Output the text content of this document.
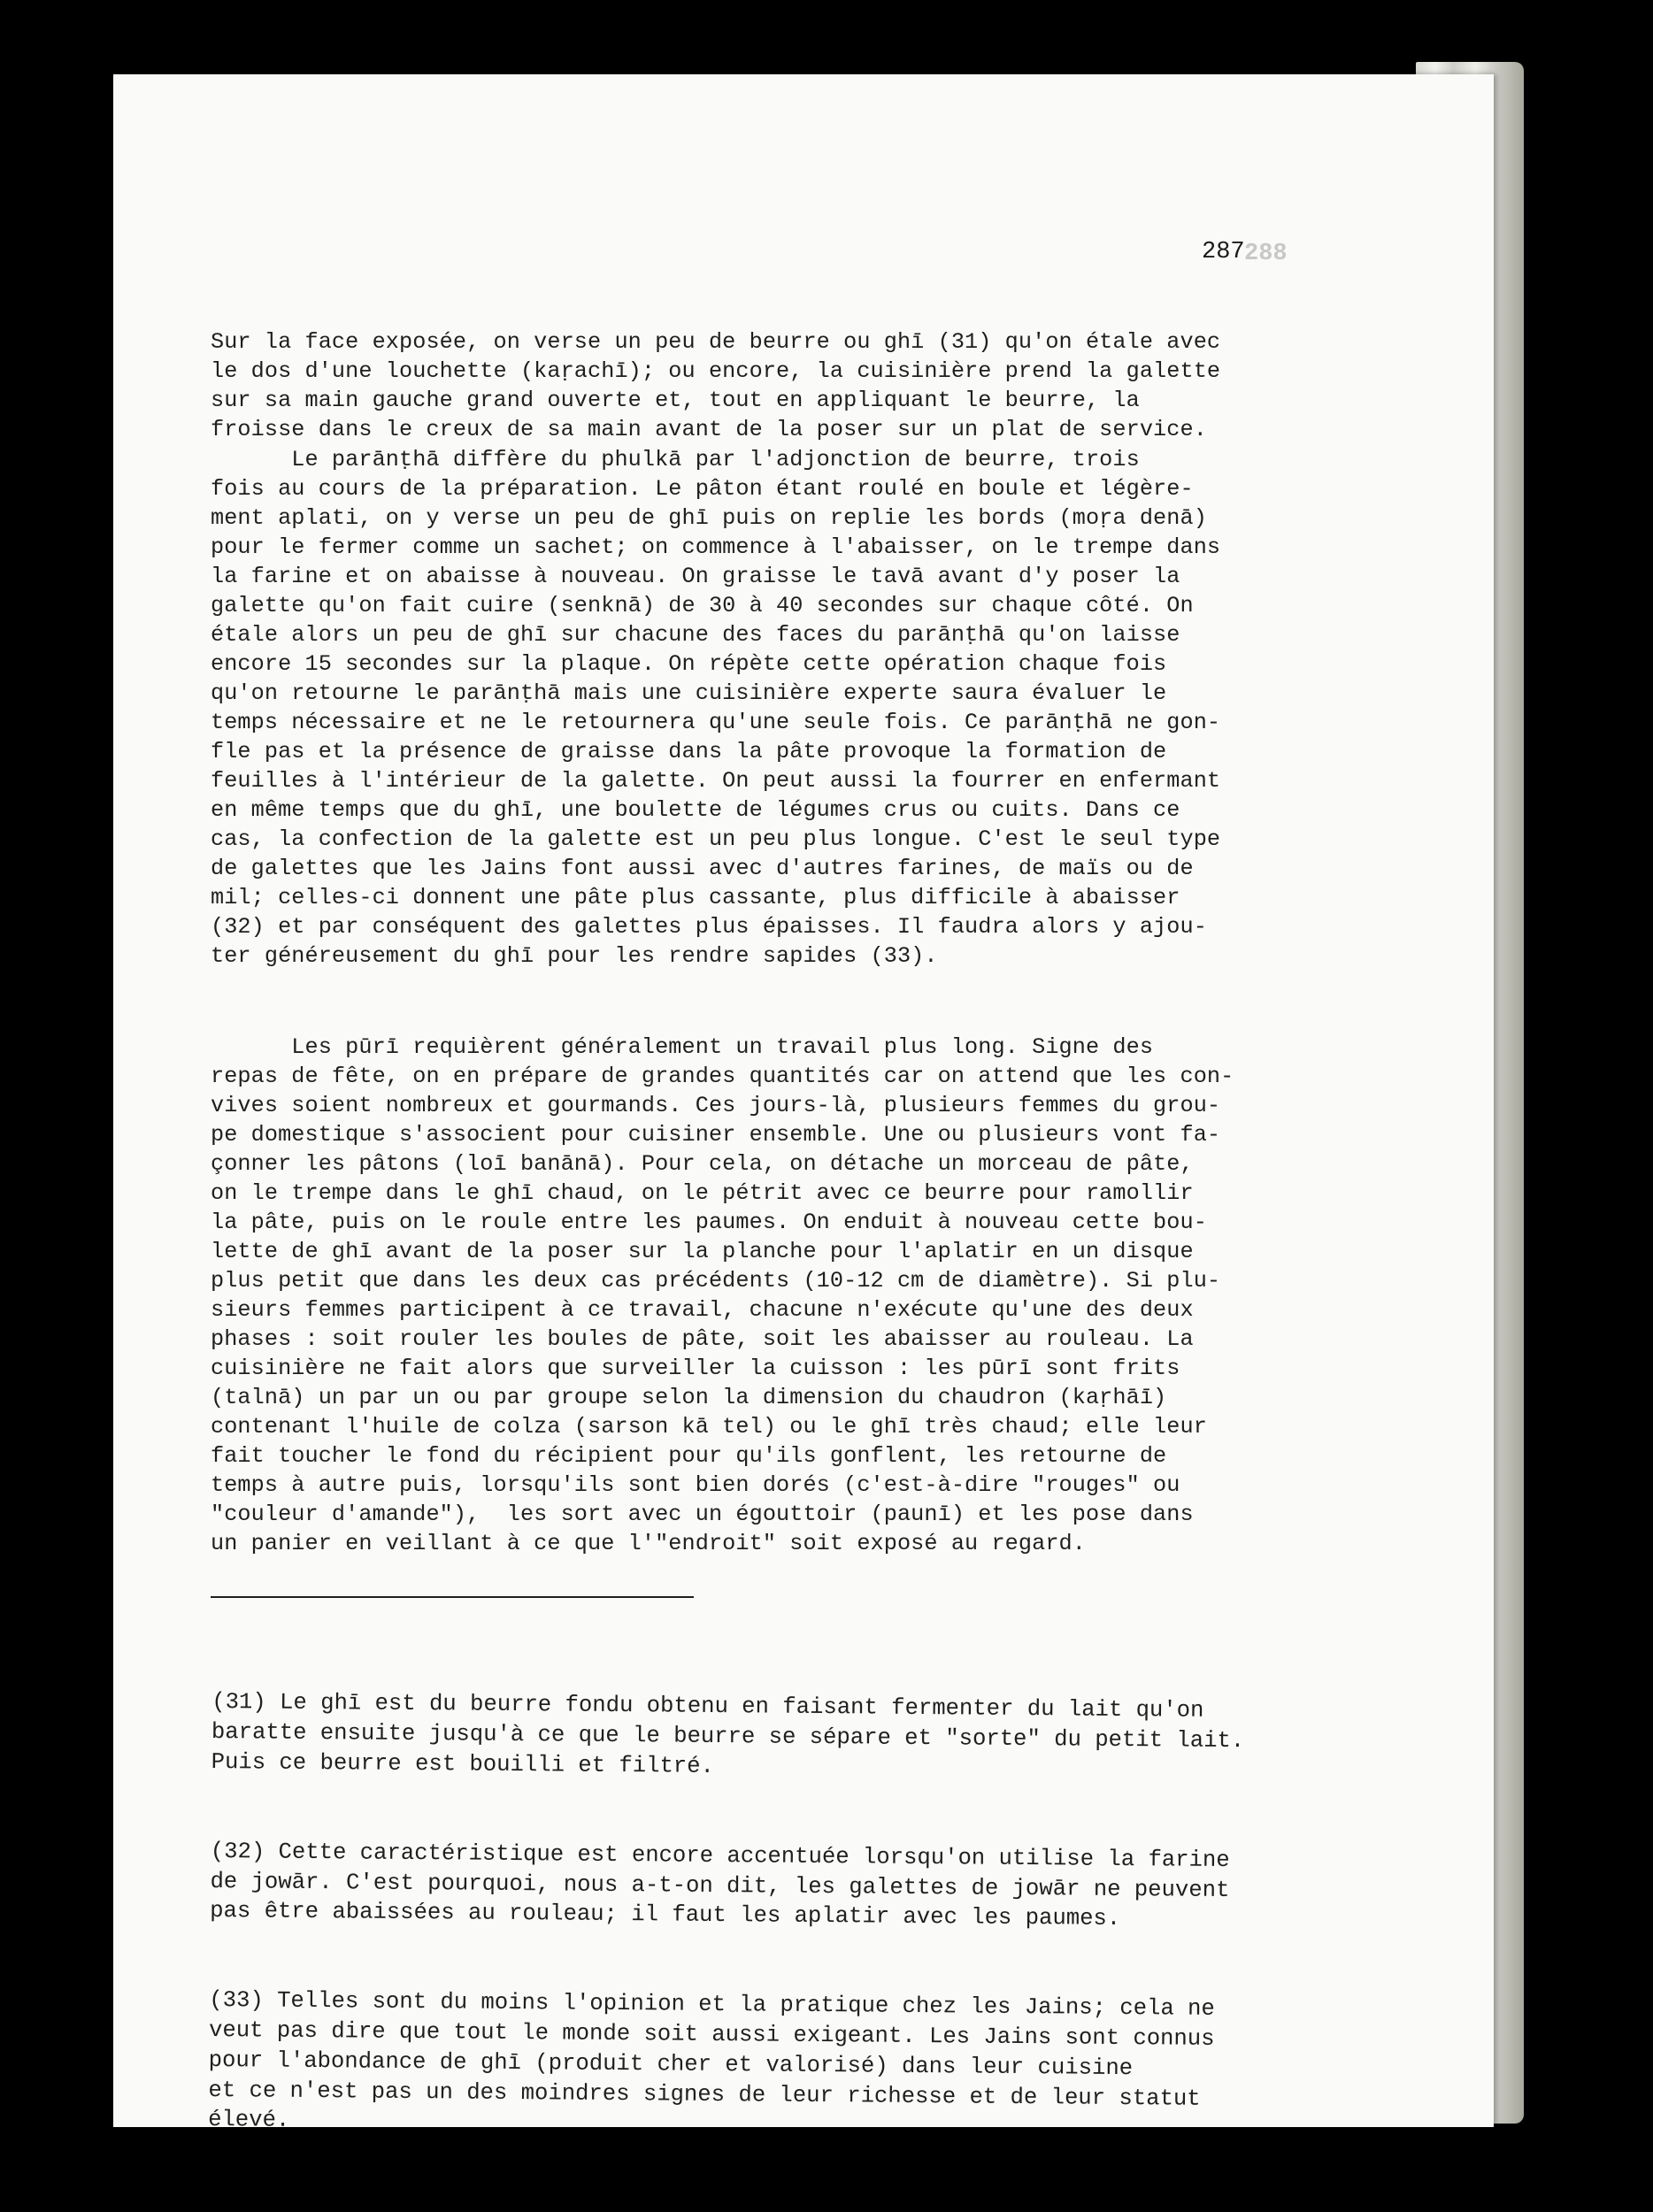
288
287

Sur la face exposée, on verse un peu de beurre ou ghī (31) qu'on étale avec
le dos d'une louchette (kaṛachī); ou encore, la cuisinière prend la galette
sur sa main gauche grand ouverte et, tout en appliquant le beurre, la
froisse dans le creux de sa main avant de la poser sur un plat de service.

Le parānṭhā diffère du phulkā par l'adjonction de beurre, trois
fois au cours de la préparation. Le pâton étant roulé en boule et légère-
ment aplati, on y verse un peu de ghī puis on replie les bords (moṛa denā)
pour le fermer comme un sachet; on commence à l'abaisser, on le trempe dans
la farine et on abaisse à nouveau. On graisse le tavā avant d'y poser la
galette qu'on fait cuire (senknā) de 30 à 40 secondes sur chaque côté. On
étale alors un peu de ghī sur chacune des faces du parānṭhā qu'on laisse
encore 15 secondes sur la plaque. On répète cette opération chaque fois
qu'on retourne le parānṭhā mais une cuisinière experte saura évaluer le
temps nécessaire et ne le retournera qu'une seule fois. Ce parānṭhā ne gon-
fle pas et la présence de graisse dans la pâte provoque la formation de
feuilles à l'intérieur de la galette. On peut aussi la fourrer en enfermant
en même temps que du ghī, une boulette de légumes crus ou cuits. Dans ce
cas, la confection de la galette est un peu plus longue. C'est le seul type
de galettes que les Jains font aussi avec d'autres farines, de maïs ou de
mil; celles-ci donnent une pâte plus cassante, plus difficile à abaisser
(32) et par conséquent des galettes plus épaisses. Il faudra alors y ajou-
ter généreusement du ghī pour les rendre sapides (33).

Les pūrī requièrent généralement un travail plus long. Signe des
repas de fête, on en prépare de grandes quantités car on attend que les con-
vives soient nombreux et gourmands. Ces jours-là, plusieurs femmes du grou-
pe domestique s'associent pour cuisiner ensemble. Une ou plusieurs vont fa-
çonner les pâtons (loī banānā). Pour cela, on détache un morceau de pâte,
on le trempe dans le ghī chaud, on le pétrit avec ce beurre pour ramollir
la pâte, puis on le roule entre les paumes. On enduit à nouveau cette bou-
lette de ghī avant de la poser sur la planche pour l'aplatir en un disque
plus petit que dans les deux cas précédents (10-12 cm de diamètre). Si plu-
sieurs femmes participent à ce travail, chacune n'exécute qu'une des deux
phases : soit rouler les boules de pâte, soit les abaisser au rouleau. La
cuisinière ne fait alors que surveiller la cuisson : les pūrī sont frits
(talnā) un par un ou par groupe selon la dimension du chaudron (kaṛhāī)
contenant l'huile de colza (sarson kā tel) ou le ghī très chaud; elle leur
fait toucher le fond du récipient pour qu'ils gonflent, les retourne de
temps à autre puis, lorsqu'ils sont bien dorés (c'est-à-dire "rouges" ou
"couleur d'amande"),  les sort avec un égouttoir (paunī) et les pose dans
un panier en veillant à ce que l'"endroit" soit exposé au regard.

(31) Le ghī est du beurre fondu obtenu en faisant fermenter du lait qu'on
baratte ensuite jusqu'à ce que le beurre se sépare et "sorte" du petit lait.
Puis ce beurre est bouilli et filtré.

(32) Cette caractéristique est encore accentuée lorsqu'on utilise la farine
de jowār. C'est pourquoi, nous a-t-on dit, les galettes de jowār ne peuvent
pas être abaissées au rouleau; il faut les aplatir avec les paumes.

(33) Telles sont du moins l'opinion et la pratique chez les Jains; cela ne
veut pas dire que tout le monde soit aussi exigeant. Les Jains sont connus
pour l'abondance de ghī (produit cher et valorisé) dans leur cuisine
et ce n'est pas un des moindres signes de leur richesse et de leur statut
élevé.
